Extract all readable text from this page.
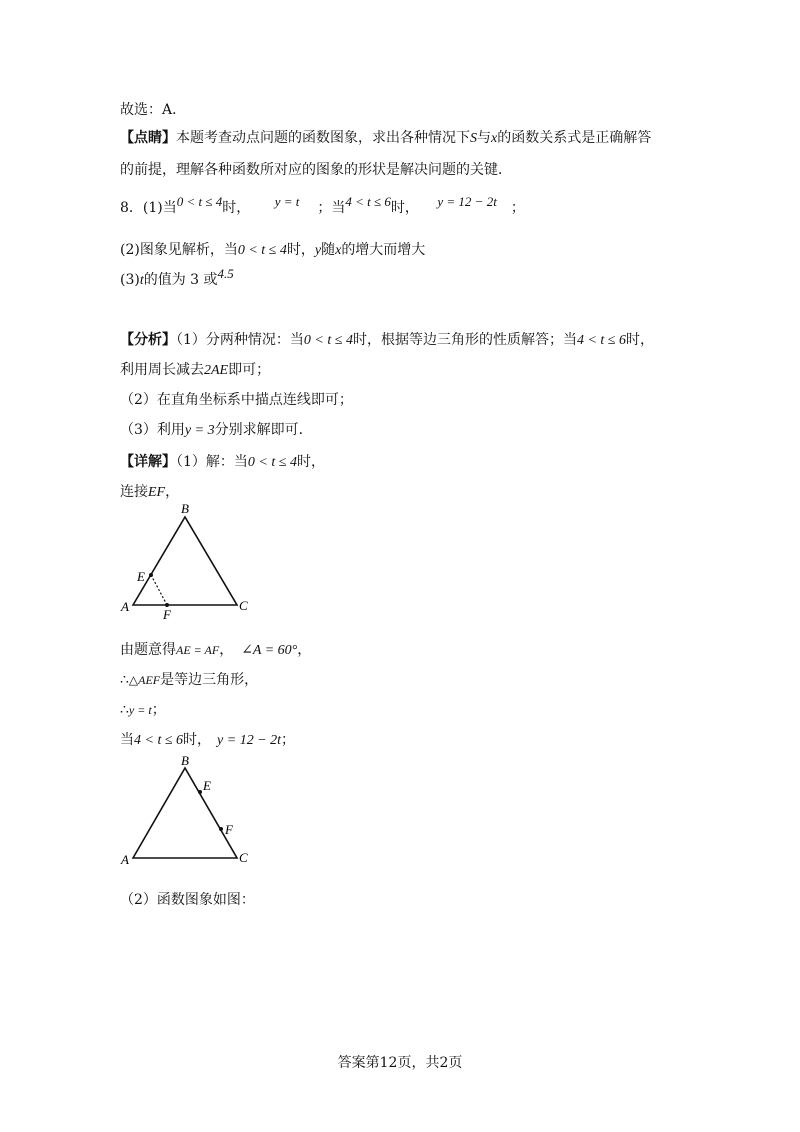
故选：A．
【点睛】本题考查动点问题的函数图象，求出各种情况下S与x的函数关系式是正确解答
的前提，理解各种函数所对应的图象的形状是解决问题的关键．
8．(1)当0 < t ≤ 4时， y = t ；当4 < t ≤ 6时， y = 12 − 2t ；
(2)图象见解析，当0 < t ≤ 4时，y随x的增大而增大
(3)t的值为 3 或4.5
【分析】（1）分两种情况：当0 < t ≤ 4时，根据等边三角形的性质解答；当4 < t ≤ 6时，
利用周长减去2AE即可；
（2）在直角坐标系中描点连线即可；
（3）利用y = 3分别求解即可．
【详解】（1）解：当0 < t ≤ 4时，
连接EF，
B
A	C
E
F
由题意得AE = AF， ∠A = 60°，
∴△AEF是等边三角形，
∴y = t；
当4 < t ≤ 6时， y = 12 − 2t；
B
A	C
E
F
（2）函数图象如图：
答案第12页，共2页
